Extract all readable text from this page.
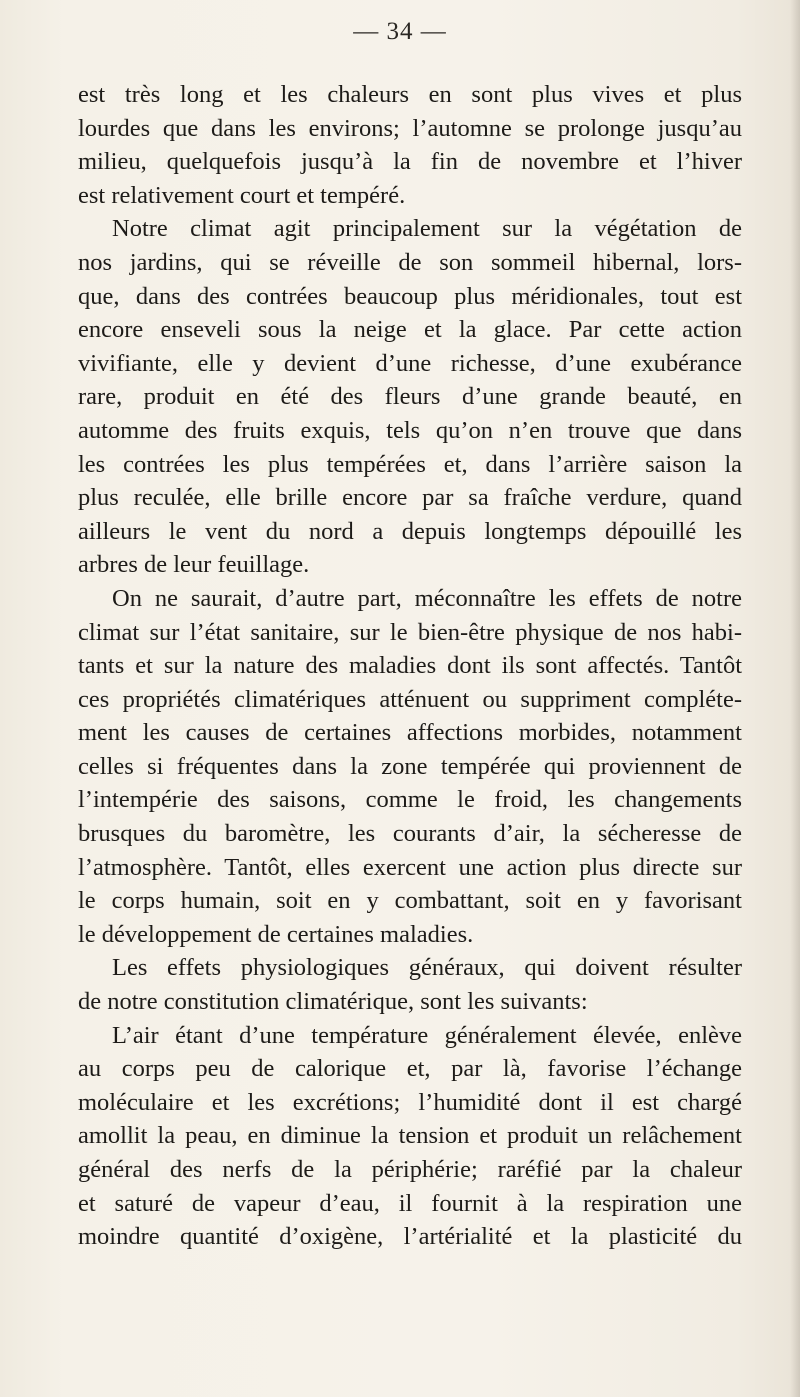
— 34 —
est très long et les chaleurs en sont plus vives et plus
lourdes que dans les environs; l’automne se prolonge jusqu’au
milieu, quelquefois jusqu’à la fin de novembre et l’hiver
est relativement court et tempéré.
Notre climat agit principalement sur la végétation de
nos jardins, qui se réveille de son sommeil hibernal, lors-
que, dans des contrées beaucoup plus méridionales, tout est
encore enseveli sous la neige et la glace. Par cette action
vivifiante, elle y devient d’une richesse, d’une exubérance
rare, produit en été des fleurs d’une grande beauté, en
automme des fruits exquis, tels qu’on n’en trouve que dans
les contrées les plus tempérées et, dans l’arrière saison la
plus reculée, elle brille encore par sa fraîche verdure, quand
ailleurs le vent du nord a depuis longtemps dépouillé les
arbres de leur feuillage.
On ne saurait, d’autre part, méconnaître les effets de notre
climat sur l’état sanitaire, sur le bien-être physique de nos habi-
tants et sur la nature des maladies dont ils sont affectés. Tantôt
ces propriétés climatériques atténuent ou suppriment compléte-
ment les causes de certaines affections morbides, notamment
celles si fréquentes dans la zone tempérée qui proviennent de
l’intempérie des saisons, comme le froid, les changements
brusques du baromètre, les courants d’air, la sécheresse de
l’atmosphère. Tantôt, elles exercent une action plus directe sur
le corps humain, soit en y combattant, soit en y favorisant
le développement de certaines maladies.
Les effets physiologiques généraux, qui doivent résulter
de notre constitution climatérique, sont les suivants:
L’air étant d’une température généralement élevée, enlève
au corps peu de calorique et, par là, favorise l’échange
moléculaire et les excrétions; l’humidité dont il est chargé
amollit la peau, en diminue la tension et produit un relâchement
général des nerfs de la périphérie; raréfié par la chaleur
et saturé de vapeur d’eau, il fournit à la respiration une
moindre quantité d’oxigène, l’artérialité et la plasticité du
